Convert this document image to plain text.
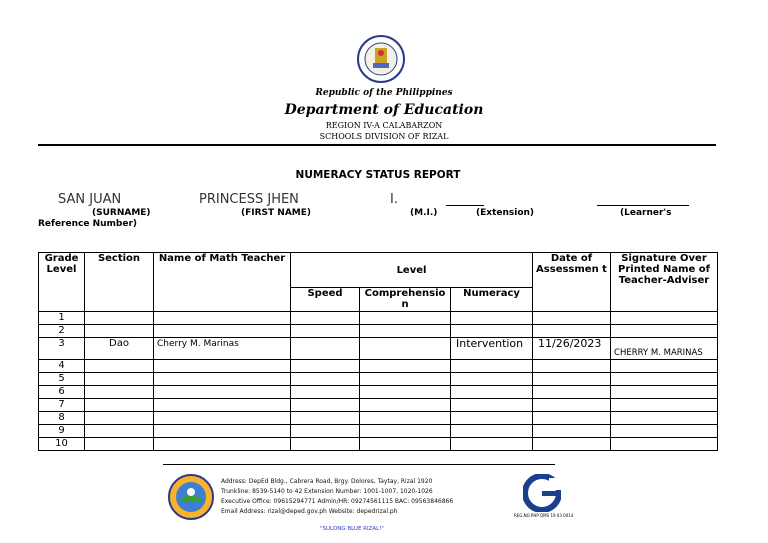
Republic of the Philippines
Department of Education
REGION IV-A CALABARZON
SCHOOLS DIVISION OF RIZAL
NUMERACY STATUS REPORT
SAN JUAN	PRINCESS JHEN	I.
(SURNAME)	(FIRST NAME)	(M.I.)	(Extension)	(Learner's
Reference Number)
Grade Level	Section	Name of Math Teacher	Level			Date of Assessmen t	Signature Over Printed Name of Teacher-Adviser
			Speed	Comprehensio n	Numeracy		
1							
2							
3	Dao	Cherry M. Marinas			Intervention	11/26/2023	CHERRY M. MARINAS
4							
5							
6							
7							
8							
9							
10							
Address: DepEd Bldg., Cabrera Road, Brgy. Dolores, Taytay, Rizal 1920
Trunkline: 8539-5140 to 42 Extension Number: 1001-1007, 1020-1026
Executive Office: 09615294771 Admin/HR: 09274561115 BAC: 09563846866
Email Address: rizal@deped.gov.ph Website: depedrizal.ph
"SULONG BLUE RIZAL!"
REG.NO.PHP QMS 19 03 0014
